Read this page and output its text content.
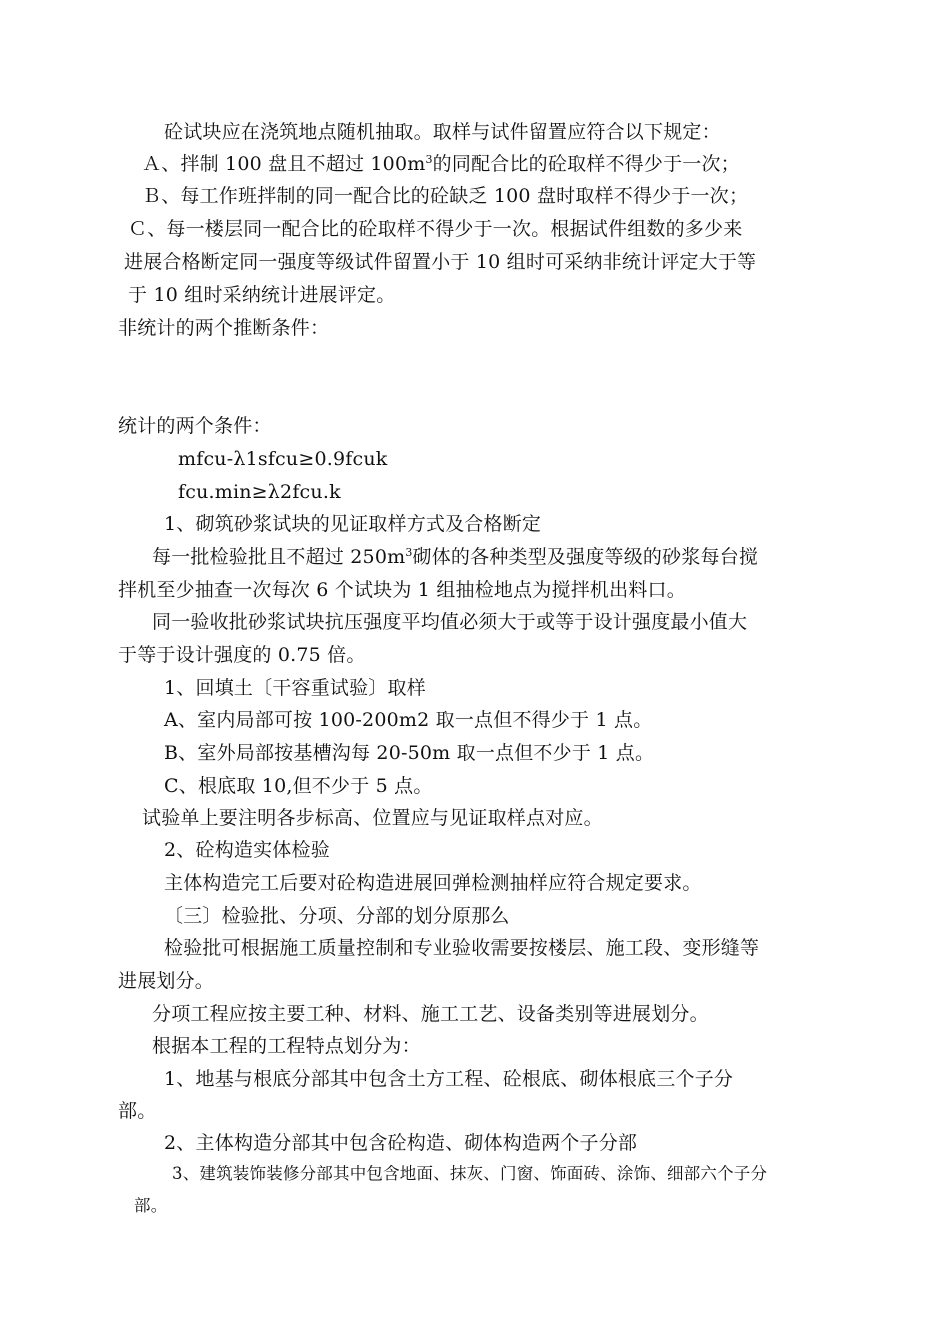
砼试块应在浇筑地点随机抽取。取样与试件留置应符合以下规定：
Ａ、拌制 100 盘且不超过 $100m^3$的同配合比的砼取样不得少于一次；
Ｂ、每工作班拌制的同一配合比的砼缺乏 100 盘时取样不得少于一次；
Ｃ、每一楼层同一配合比的砼取样不得少于一次。根据试件组数的多少来
进展合格断定同一强度等级试件留置小于 10 组时可采纳非统计评定大于等
于 10 组时采纳统计进展评定。
非统计的两个推断条件：
统计的两个条件：
mfcu-λ1sfcu≥0.9fcuk
fcu.min≥λ2fcu.k
1、砌筑砂浆试块的见证取样方式及合格断定
每一批检验批且不超过 $250m^3$砌体的各种类型及强度等级的砂浆每台搅
拌机至少抽查一次每次 6 个试块为 1 组抽检地点为搅拌机出料口。
同一验收批砂浆试块抗压强度平均值必须大于或等于设计强度最小值大
于等于设计强度的 0.75 倍。
1、回填土〔干容重试验〕取样
A、室内局部可按 100-200m2 取一点但不得少于 1 点。
B、室外局部按基槽沟每 20-50m 取一点但不少于 1 点。
C、根底取 10,但不少于 5 点。
试验单上要注明各步标高、位置应与见证取样点对应。
2、砼构造实体检验
主体构造完工后要对砼构造进展回弹检测抽样应符合规定要求。
〔三〕检验批、分项、分部的划分原那么
检验批可根据施工质量控制和专业验收需要按楼层、施工段、变形缝等
进展划分。
分项工程应按主要工种、材料、施工工艺、设备类别等进展划分。
根据本工程的工程特点划分为：
1、地基与根底分部其中包含土方工程、砼根底、砌体根底三个子分
部。
2、主体构造分部其中包含砼构造、砌体构造两个子分部
3、建筑装饰装修分部其中包含地面、抹灰、门窗、饰面砖、涂饰、细部六个子分
部。
